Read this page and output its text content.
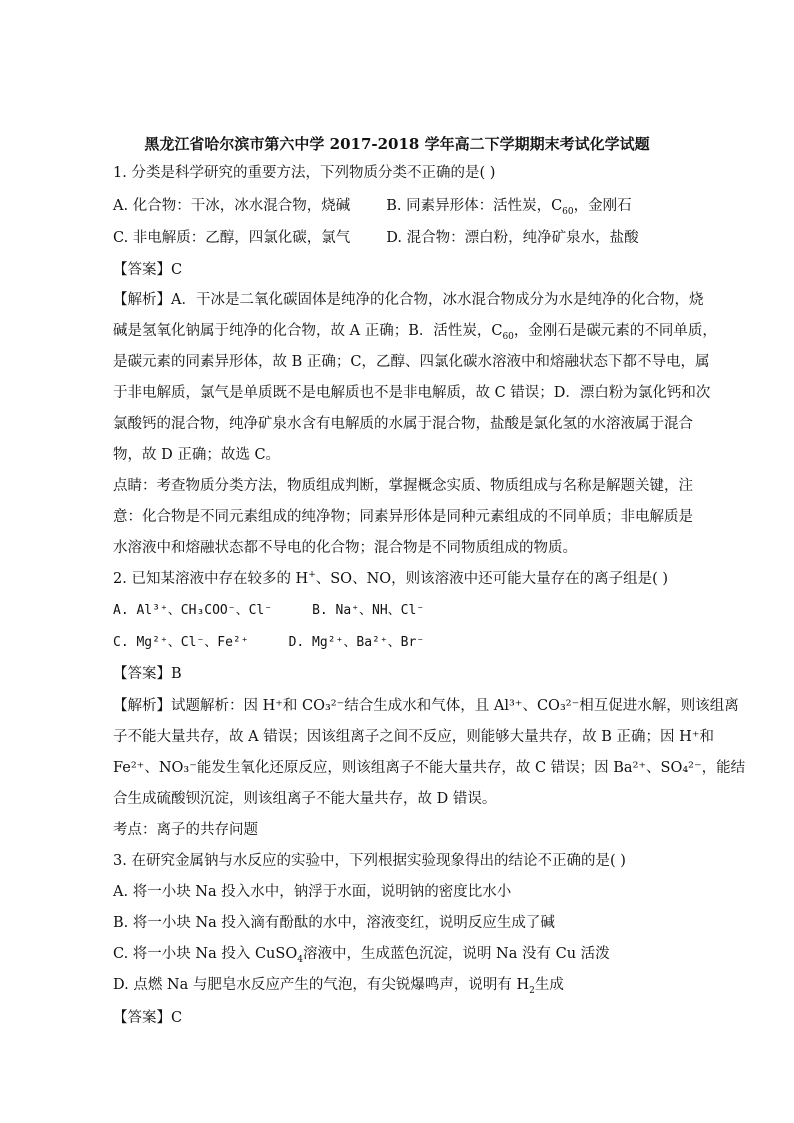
黑龙江省哈尔滨市第六中学 2017-2018 学年高二下学期期末考试化学试题
1. 分类是科学研究的重要方法，下列物质分类不正确的是( )
A. 化合物：干冰，冰水混合物，烧碱 B. 同素异形体：活性炭，$C_{60}$，金刚石
C. 非电解质：乙醇，四氯化碳，氯气 D. 混合物：漂白粉，纯净矿泉水，盐酸
【答案】C
【解析】A．干冰是二氧化碳固体是纯净的化合物，冰水混合物成分为水是纯净的化合物，烧
碱是氢氧化钠属于纯净的化合物，故 A 正确；B．活性炭，$C_{60}$，金刚石是碳元素的不同单质，
是碳元素的同素异形体，故 B 正确；C，乙醇、四氯化碳水溶液中和熔融状态下都不导电，属
于非电解质，氯气是单质既不是电解质也不是非电解质，故 C 错误；D．漂白粉为氯化钙和次
氯酸钙的混合物，纯净矿泉水含有电解质的水属于混合物，盐酸是氯化氢的水溶液属于混合
物，故 D 正确；故选 C。
点睛：考查物质分类方法，物质组成判断，掌握概念实质、物质组成与名称是解题关键，注
意：化合物是不同元素组成的纯净物；同素异形体是同种元素组成的不同单质；非电解质是
水溶液中和熔融状态都不导电的化合物；混合物是不同物质组成的物质。
2. 已知某溶液中存在较多的 H+、SO、NO，则该溶液中还可能大量存在的离子组是( )
A. Al³⁺、CH₃COO⁻、Cl⁻	B. Na⁺、NH、Cl⁻
C. Mg²⁺、Cl⁻、Fe²⁺	D. Mg²⁺、Ba²⁺、Br⁻
【答案】B
【解析】试题解析：因 H⁺和 CO₃²⁻结合生成水和气体，且 Al³⁺、CO₃²⁻相互促进水解，则该组离
子不能大量共存，故 A 错误；因该组离子之间不反应，则能够大量共存，故 B 正确；因 H⁺和
Fe²⁺、NO₃⁻能发生氧化还原反应，则该组离子不能大量共存，故 C 错误；因 Ba²⁺、SO₄²⁻，能结
合生成硫酸钡沉淀，则该组离子不能大量共存，故 D 错误。
考点：离子的共存问题
3. 在研究金属钠与水反应的实验中，下列根据实验现象得出的结论不正确的是( )
A. 将一小块 Na 投入水中，钠浮于水面，说明钠的密度比水小
B. 将一小块 Na 投入滴有酚酞的水中，溶液变红，说明反应生成了碱
C. 将一小块 Na 投入 CuSO$_4$溶液中，生成蓝色沉淀，说明 Na 没有 Cu 活泼
D. 点燃 Na 与肥皂水反应产生的气泡，有尖锐爆鸣声，说明有 $H_2$生成
【答案】C
